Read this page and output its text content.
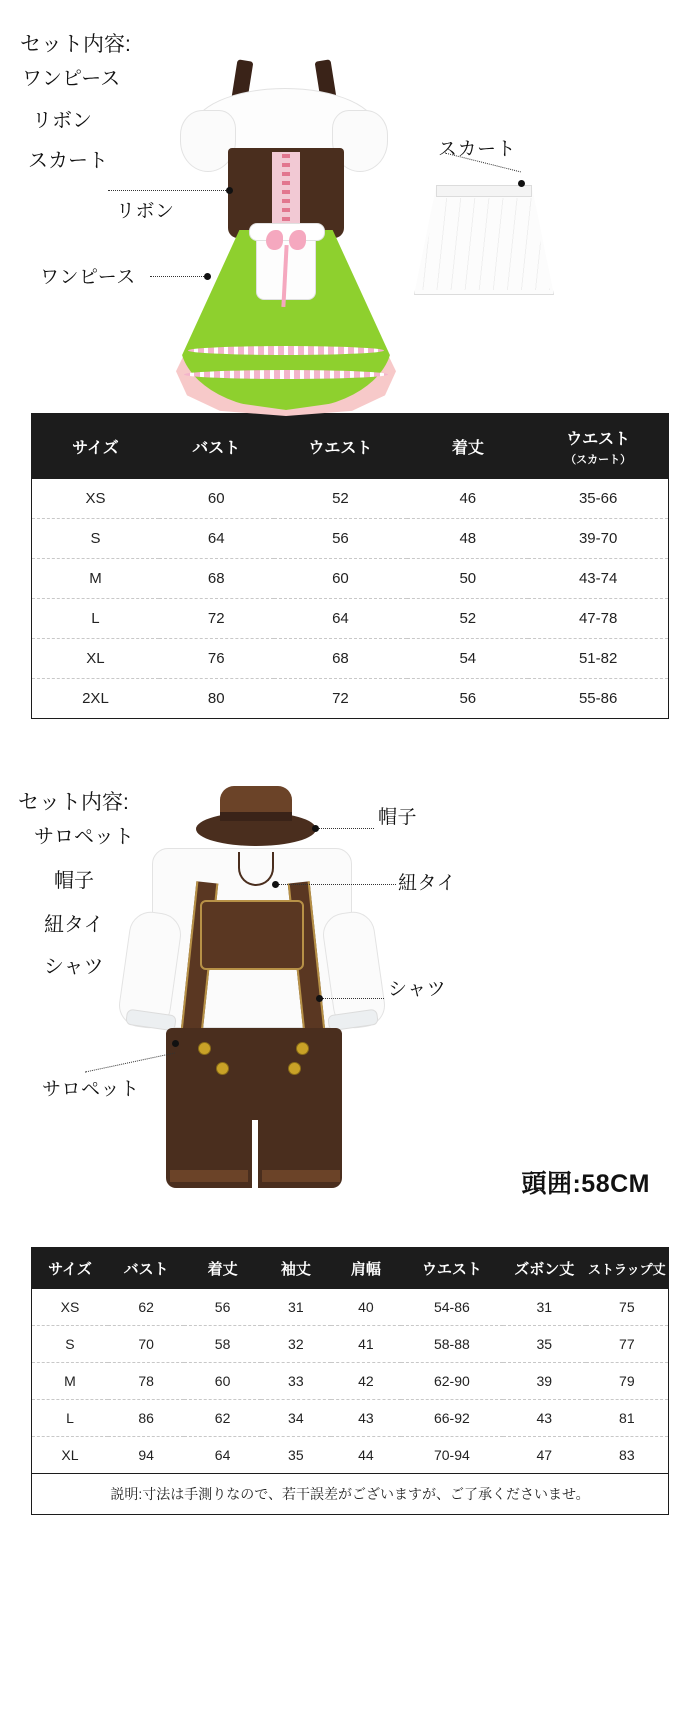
セット内容:
ワンピース
リボン
スカート
リボン
ワンピース
スカート
サイズ	バスト	ウエスト	着丈	ウエスト
（スカート）

XS	60	52	46	35-66
S	64	56	48	39-70
M	68	60	50	43-74
L	72	64	52	47-78
XL	76	68	54	51-82
2XL	80	72	56	55-86
セット内容:
サロペット
帽子
紐タイ
シャツ
帽子
紐タイ
シャツ
サロペット
頭囲:58CM
サイズ	バスト	着丈	袖丈	肩幅	ウエスト	ズボン丈	ストラップ丈
XS	62	56	31	40	54-86	31	75
S	70	58	32	41	58-88	35	77
M	78	60	33	42	62-90	39	79
L	86	62	34	43	66-92	43	81
XL	94	64	35	44	70-94	47	83
説明:寸法は手測りなので、若干誤差がございますが、ご了承くださいませ。							
